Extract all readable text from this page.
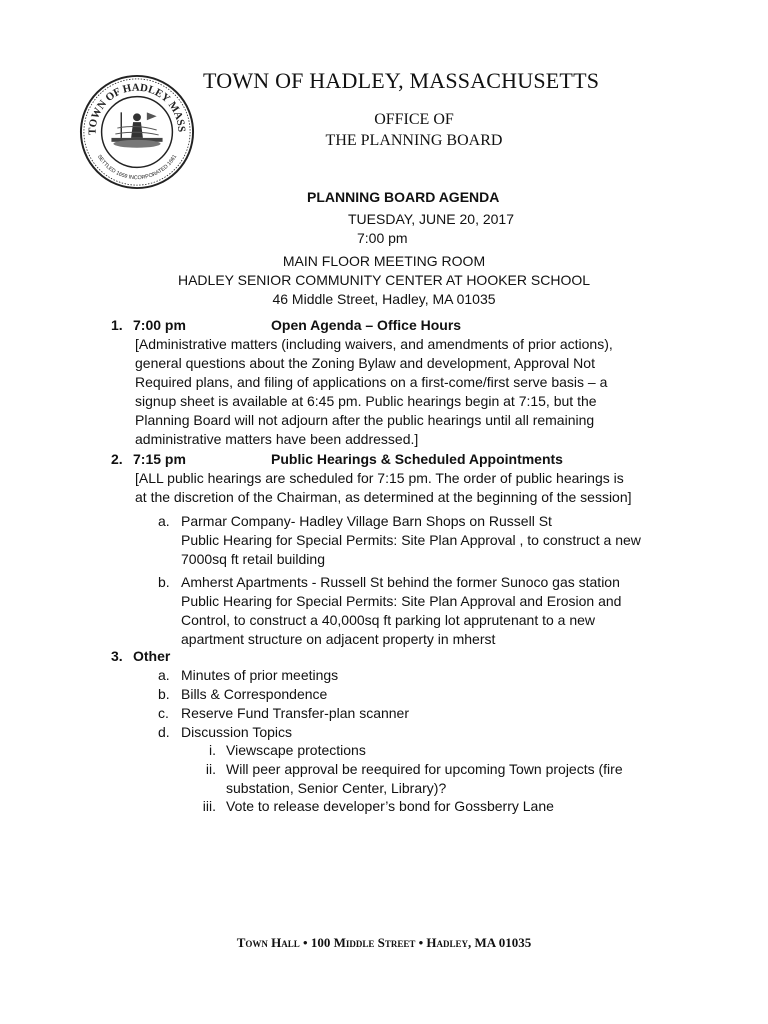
TOWN OF HADLEY MASS
SETTLED 1659 INCORPORATED 1661
TOWN OF HADLEY, MASSACHUSETTS
OFFICE OF
THE PLANNING BOARD
PLANNING BOARD AGENDA
TUESDAY, JUNE 20, 2017
7:00 pm
MAIN FLOOR MEETING ROOM
HADLEY SENIOR COMMUNITY CENTER AT HOOKER SCHOOL
46 Middle Street, Hadley, MA 01035
1. 7:00 pm	Open Agenda – Office Hours
[Administrative matters (including waivers, and amendments of prior actions),
general questions about the Zoning Bylaw and development, Approval Not
Required plans, and filing of applications on a first-come/first serve basis – a
signup sheet is available at 6:45 pm. Public hearings begin at 7:15, but the
Planning Board will not adjourn after the public hearings until all remaining
administrative matters have been addressed.]
2. 7:15 pm	Public Hearings & Scheduled Appointments
[ALL public hearings are scheduled for 7:15 pm. The order of public hearings is
at the discretion of the Chairman, as determined at the beginning of the session]
a. Parmar Company- Hadley Village Barn Shops on Russell St
Public Hearing for Special Permits: Site Plan Approval , to construct a new
7000sq ft retail building
b. Amherst Apartments - Russell St behind the former Sunoco gas station
Public Hearing for Special Permits: Site Plan Approval and Erosion and
Control, to construct a 40,000sq ft parking lot apprutenant to a new
apartment structure on adjacent property in mherst
3. Other
a. Minutes of prior meetings
b. Bills & Correspondence
c. Reserve Fund Transfer-plan scanner
d. Discussion Topics
i. Viewscape protections
ii. Will peer approval be reequired for upcoming Town projects (fire
substation, Senior Center, Library)?
iii. Vote to release developer’s bond for Gossberry Lane
Town Hall • 100 Middle Street • Hadley, MA 01035
